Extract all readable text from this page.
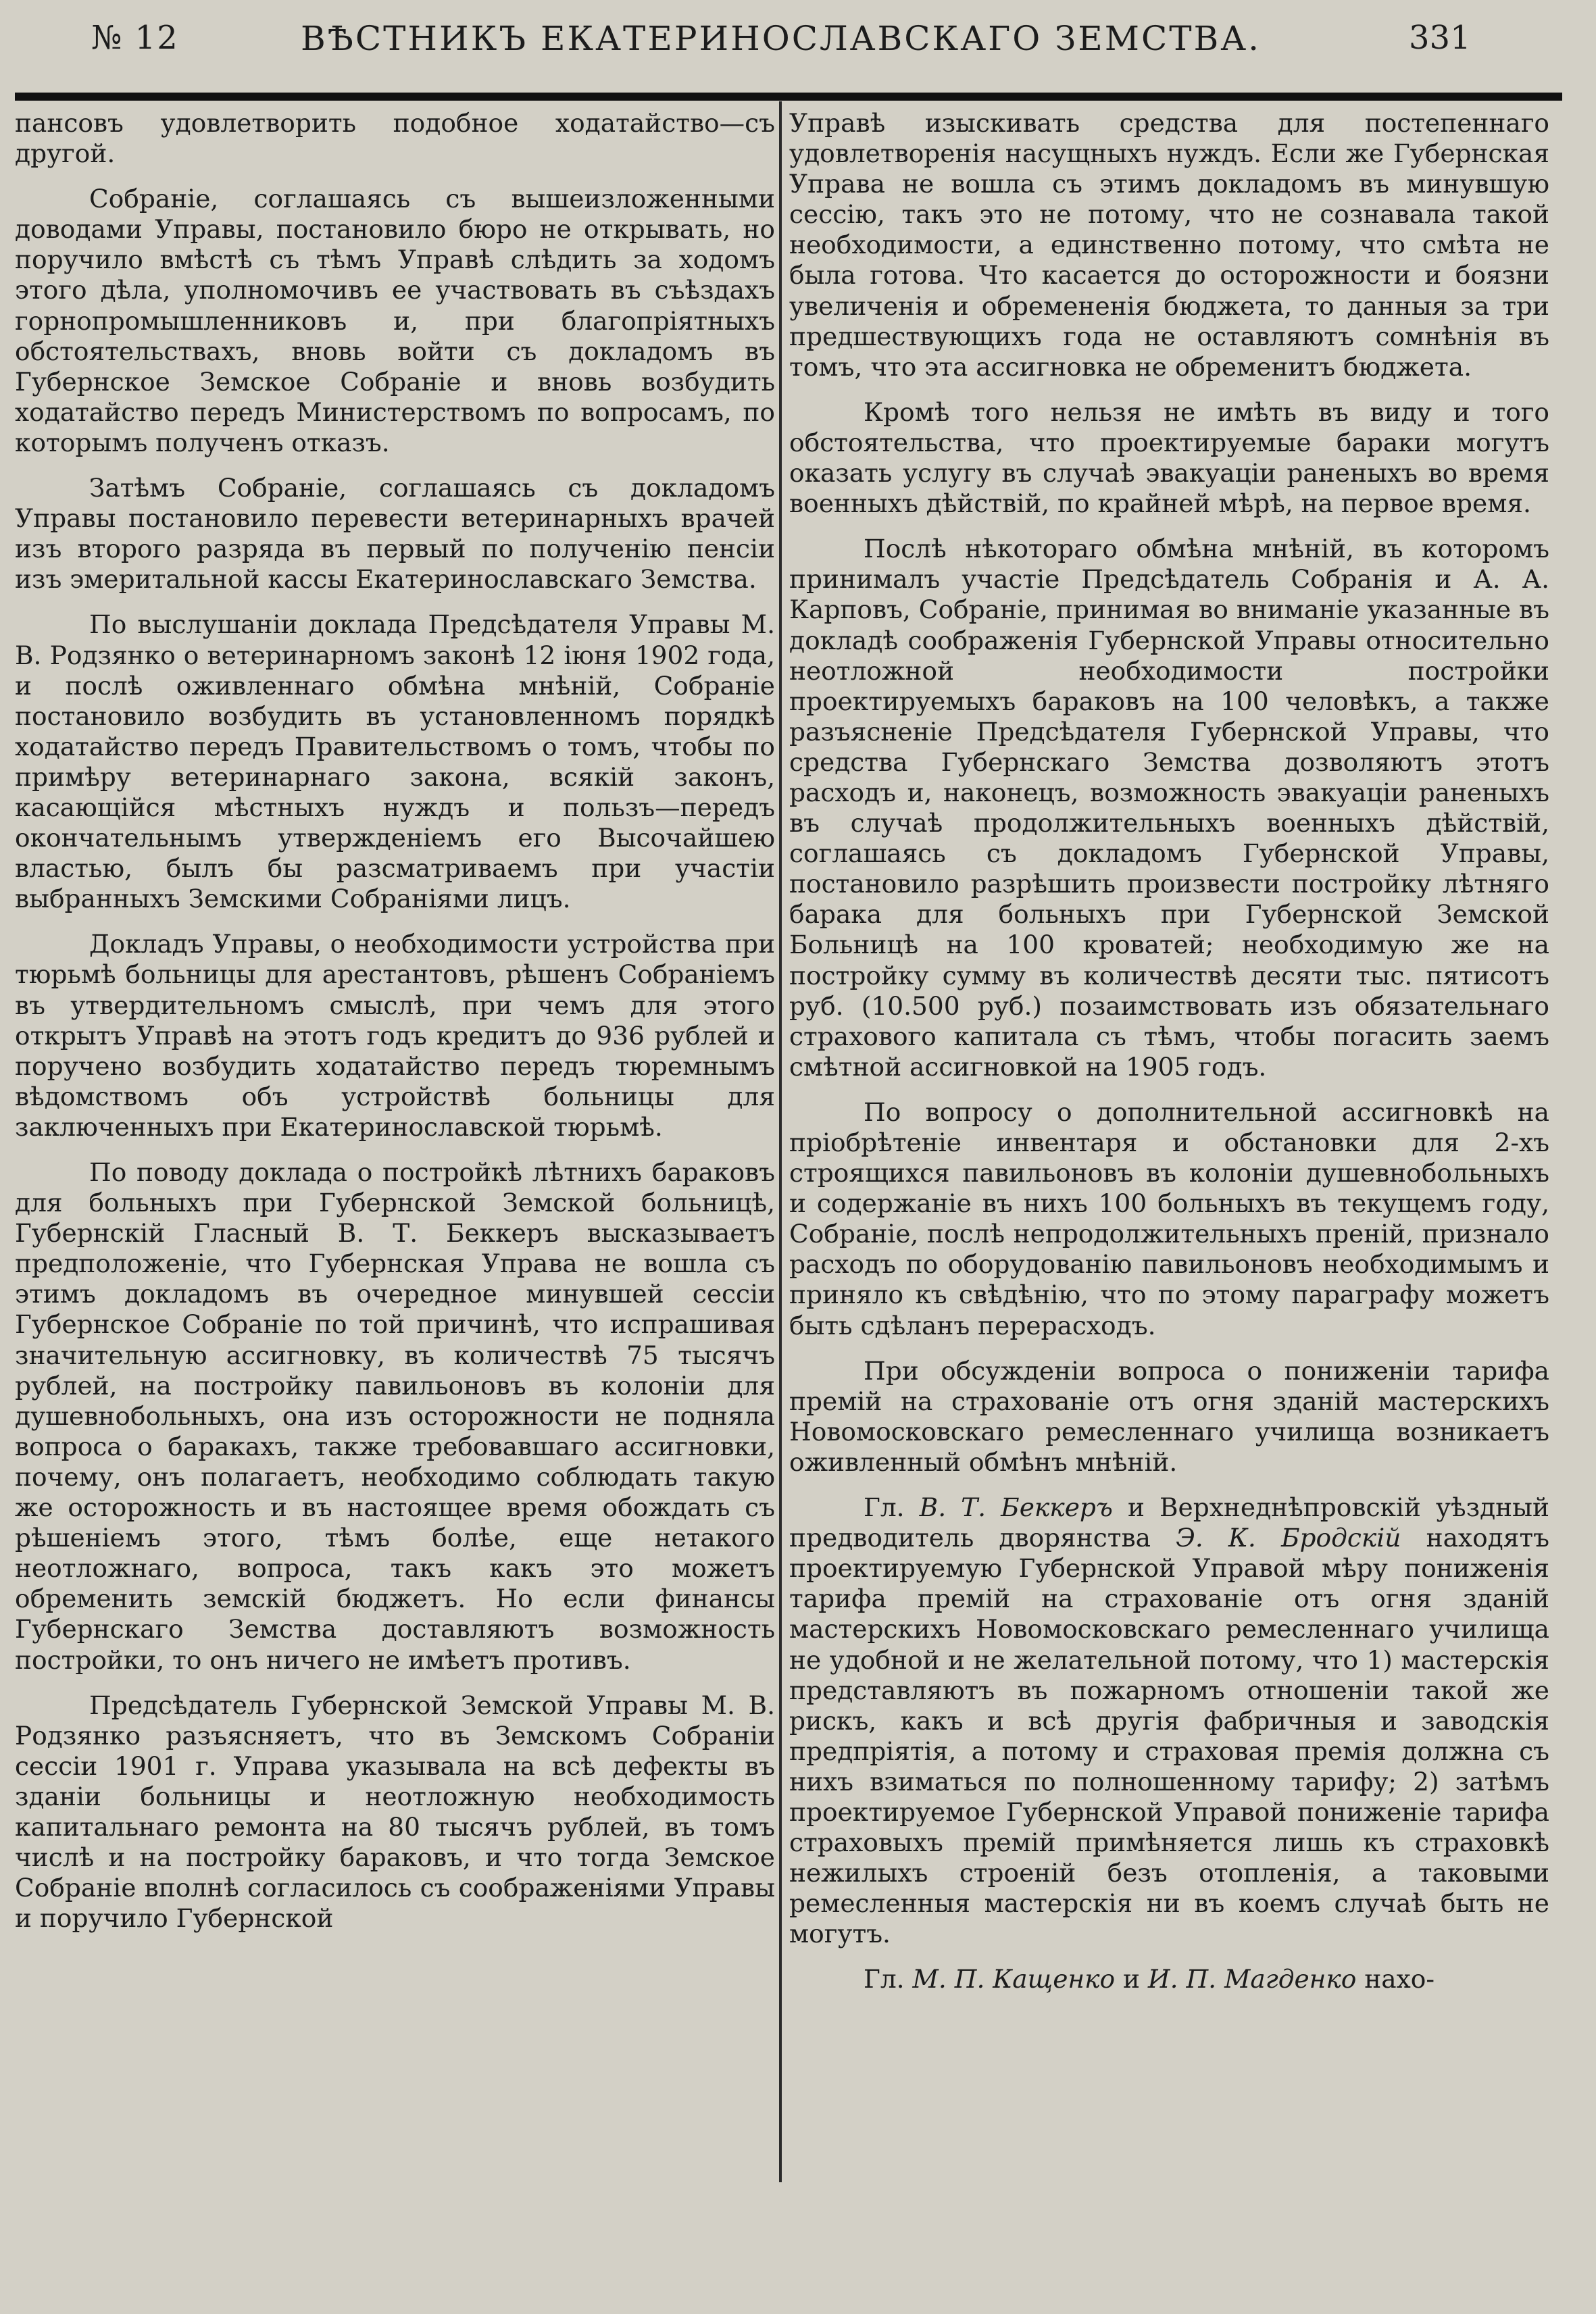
№ 12	ВѢСТНИКЪ ЕКАТЕРИНОСЛАВСКАГО ЗЕМСТВА.	331

пансовъ удовлетворить подобное ходатайство—съ другой.

Собраніе, соглашаясь съ вышеизложенными доводами Управы, постановило бюро не открывать, но поручило вмѣстѣ съ тѣмъ Управѣ слѣдить за ходомъ этого дѣла, уполномочивъ ее участвовать въ съѣздахъ горнопромышленниковъ и, при благопріятныхъ обстоятельствахъ, вновь войти съ докладомъ въ Губернское Земское Собраніе и вновь возбудить ходатайство передъ Министерствомъ по вопросамъ, по которымъ полученъ отказъ.

Затѣмъ Собраніе, соглашаясь съ докладомъ Управы постановило перевести ветеринарныхъ врачей изъ второго разряда въ первый по полученію пенсіи изъ эмеритальной кассы Екатеринославскаго Земства.

По выслушаніи доклада Предсѣдателя Управы М. В. Родзянко о ветеринарномъ законѣ 12 іюня 1902 года, и послѣ оживленнаго обмѣна мнѣній, Собраніе постановило возбудить въ установленномъ порядкѣ ходатайство передъ Правительствомъ о томъ, чтобы по примѣру ветеринарнаго закона, всякій законъ, касающійся мѣстныхъ нуждъ и пользъ—передъ окончательнымъ утвержденіемъ его Высочайшею властью, былъ бы разсматриваемъ при участіи выбранныхъ Земскими Собраніями лицъ.

Докладъ Управы, о необходимости устройства при тюрьмѣ больницы для арестантовъ, рѣшенъ Собраніемъ въ утвердительномъ смыслѣ, при чемъ для этого открытъ Управѣ на этотъ годъ кредитъ до 936 рублей и поручено возбудить ходатайство передъ тюремнымъ вѣдомствомъ объ устройствѣ больницы для заключенныхъ при Екатеринославской тюрьмѣ.

По поводу доклада о постройкѣ лѣтнихъ бараковъ для больныхъ при Губернской Земской больницѣ, Губернскій Гласный В. Т. Беккеръ высказываетъ предположеніе, что Губернская Управа не вошла съ этимъ докладомъ въ очередное минувшей сессіи Губернское Собраніе по той причинѣ, что испрашивая значительную ассигновку, въ количествѣ 75 тысячъ рублей, на постройку павильоновъ въ колоніи для душевнобольныхъ, она изъ осторожности не подняла вопроса о баракахъ, также требовавшаго ассигновки, почему, онъ полагаетъ, необходимо соблюдать такую же осторожность и въ настоящее время обождать съ рѣшеніемъ этого, тѣмъ болѣе, еще нетакого неотложнаго, вопроса, такъ какъ это можетъ обременить земскій бюджетъ. Но если финансы Губернскаго Земства доставляютъ возможность постройки, то онъ ничего не имѣетъ противъ.

Предсѣдатель Губернской Земской Управы М. В. Родзянко разъясняетъ, что въ Земскомъ Собраніи сессіи 1901 г. Управа указывала на всѣ дефекты въ зданіи больницы и неотложную необходимость капитальнаго ремонта на 80 тысячъ рублей, въ томъ числѣ и на постройку бараковъ, и что тогда Земское Собраніе вполнѣ согласилось съ соображеніями Управы и поручило Губернской

Управѣ изыскивать средства для постепеннаго удовлетворенія насущныхъ нуждъ. Если же Губернская Управа не вошла съ этимъ докладомъ въ минувшую сессію, такъ это не потому, что не сознавала такой необходимости, а единственно потому, что смѣта не была готова. Что касается до осторожности и боязни увеличенія и обремененія бюджета, то данныя за три предшествующихъ года не оставляютъ сомнѣнія въ томъ, что эта ассигновка не обременитъ бюджета.

Кромѣ того нельзя не имѣть въ виду и того обстоятельства, что проектируемые бараки могутъ оказать услугу въ случаѣ эвакуаціи раненыхъ во время военныхъ дѣйствій, по крайней мѣрѣ, на первое время.

Послѣ нѣкотораго обмѣна мнѣній, въ которомъ принималъ участіе Предсѣдатель Собранія и А. А. Карповъ, Собраніе, принимая во вниманіе указанные въ докладѣ соображенія Губернской Управы относительно неотложной необходимости постройки проектируемыхъ бараковъ на 100 человѣкъ, а также разъясненіе Предсѣдателя Губернской Управы, что средства Губернскаго Земства дозволяютъ этотъ расходъ и, наконецъ, возможность эвакуаціи раненыхъ въ случаѣ продолжительныхъ военныхъ дѣйствій, соглашаясь съ докладомъ Губернской Управы, постановило разрѣшить произвести постройку лѣтняго барака для больныхъ при Губернской Земской Больницѣ на 100 кроватей; необходимую же на постройку сумму въ количествѣ десяти тыс. пятисотъ руб. (10.500 руб.) позаимствовать изъ обязательнаго страхового капитала съ тѣмъ, чтобы погасить заемъ смѣтной ассигновкой на 1905 годъ.

По вопросу о дополнительной ассигновкѣ на пріобрѣтеніе инвентаря и обстановки для 2-хъ строящихся павильоновъ въ колоніи душевнобольныхъ и содержаніе въ нихъ 100 больныхъ въ текущемъ году, Собраніе, послѣ непродолжительныхъ преній, признало расходъ по оборудованію павильоновъ необходимымъ и приняло къ свѣдѣнію, что по этому параграфу можетъ быть сдѣланъ перерасходъ.

При обсужденіи вопроса о пониженіи тарифа премій на страхованіе отъ огня зданій мастерскихъ Новомосковскаго ремесленнаго училища возникаетъ оживленный обмѣнъ мнѣній.

Гл. В. Т. Беккеръ и Верхнеднѣпровскій уѣздный предводитель дворянства Э. К. Бродскій находятъ проектируемую Губернской Управой мѣру пониженія тарифа премій на страхованіе отъ огня зданій мастерскихъ Новомосковскаго ремесленнаго училища не удобной и не желательной потому, что 1) мастерскія представляютъ въ пожарномъ отношеніи такой же рискъ, какъ и всѣ другія фабричныя и заводскія предпріятія, а потому и страховая премія должна съ нихъ взиматься по полношенному тарифу; 2) затѣмъ проектируемое Губернской Управой пониженіе тарифа страховыхъ премій примѣняется лишь къ страховкѣ нежилыхъ строеній безъ отопленія, а таковыми ремесленныя мастерскія ни въ коемъ случаѣ быть не могутъ.

Гл. М. П. Кащенко и И. П. Магденко нахо-
